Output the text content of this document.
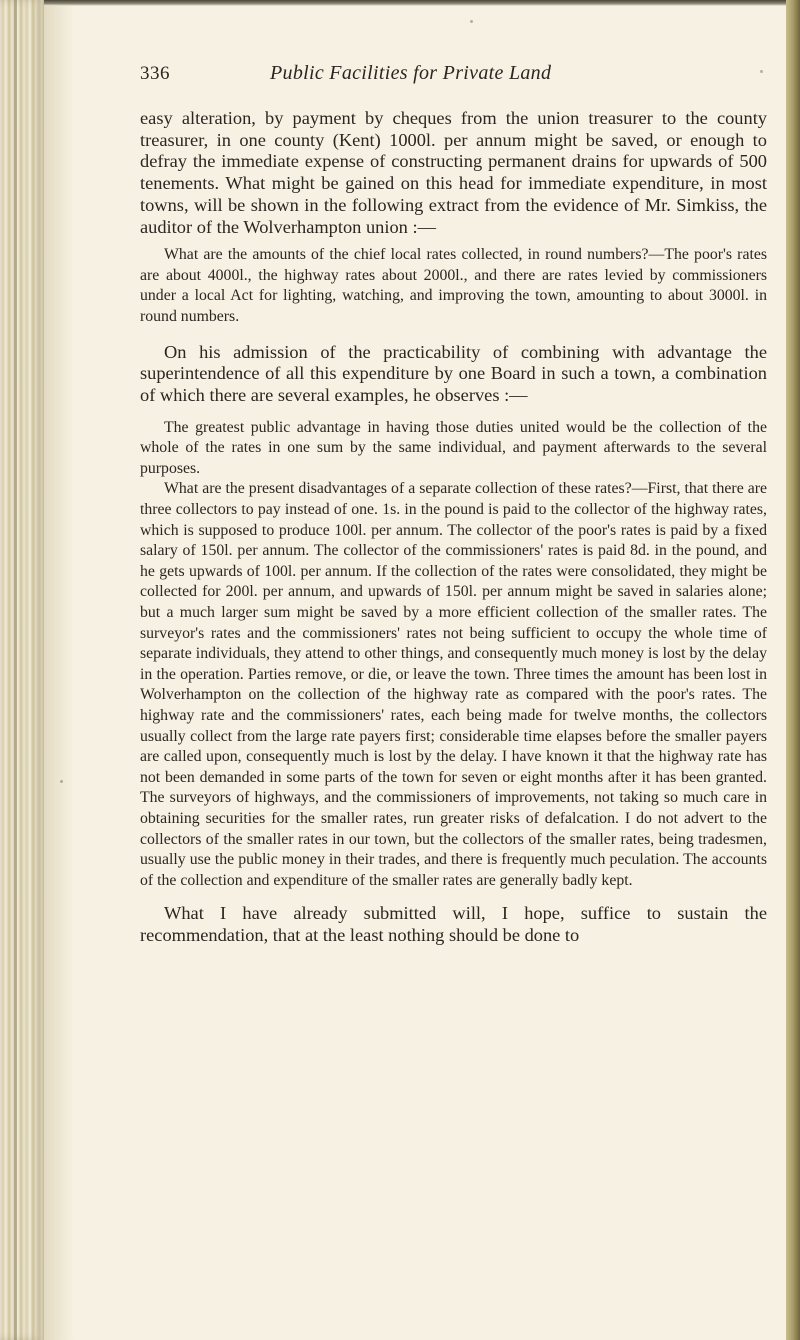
336	Public Facilities for Private Land

easy alteration, by payment by cheques from the union treasurer to the county treasurer, in one county (Kent) 1000l. per annum might be saved, or enough to defray the immediate expense of constructing permanent drains for upwards of 500 tenements. What might be gained on this head for immediate expenditure, in most towns, will be shown in the following extract from the evidence of Mr. Simkiss, the auditor of the Wolverhampton union :—

What are the amounts of the chief local rates collected, in round numbers?—The poor's rates are about 4000l., the highway rates about 2000l., and there are rates levied by commissioners under a local Act for lighting, watching, and improving the town, amounting to about 3000l. in round numbers.

On his admission of the practicability of combining with advantage the superintendence of all this expenditure by one Board in such a town, a combination of which there are several examples, he observes :—

The greatest public advantage in having those duties united would be the collection of the whole of the rates in one sum by the same individual, and payment afterwards to the several purposes.

What are the present disadvantages of a separate collection of these rates?—First, that there are three collectors to pay instead of one. 1s. in the pound is paid to the collector of the highway rates, which is supposed to produce 100l. per annum. The collector of the poor's rates is paid by a fixed salary of 150l. per annum. The collector of the commissioners' rates is paid 8d. in the pound, and he gets upwards of 100l. per annum. If the collection of the rates were consolidated, they might be collected for 200l. per annum, and upwards of 150l. per annum might be saved in salaries alone; but a much larger sum might be saved by a more efficient collection of the smaller rates. The surveyor's rates and the commissioners' rates not being sufficient to occupy the whole time of separate individuals, they attend to other things, and consequently much money is lost by the delay in the operation. Parties remove, or die, or leave the town. Three times the amount has been lost in Wolverhampton on the collection of the highway rate as compared with the poor's rates. The highway rate and the commissioners' rates, each being made for twelve months, the collectors usually collect from the large rate payers first; considerable time elapses before the smaller payers are called upon, consequently much is lost by the delay. I have known it that the highway rate has not been demanded in some parts of the town for seven or eight months after it has been granted. The surveyors of highways, and the commissioners of improvements, not taking so much care in obtaining securities for the smaller rates, run greater risks of defalcation. I do not advert to the collectors of the smaller rates in our town, but the collectors of the smaller rates, being tradesmen, usually use the public money in their trades, and there is frequently much peculation. The accounts of the collection and expenditure of the smaller rates are generally badly kept.

What I have already submitted will, I hope, suffice to sustain the recommendation, that at the least nothing should be done to
